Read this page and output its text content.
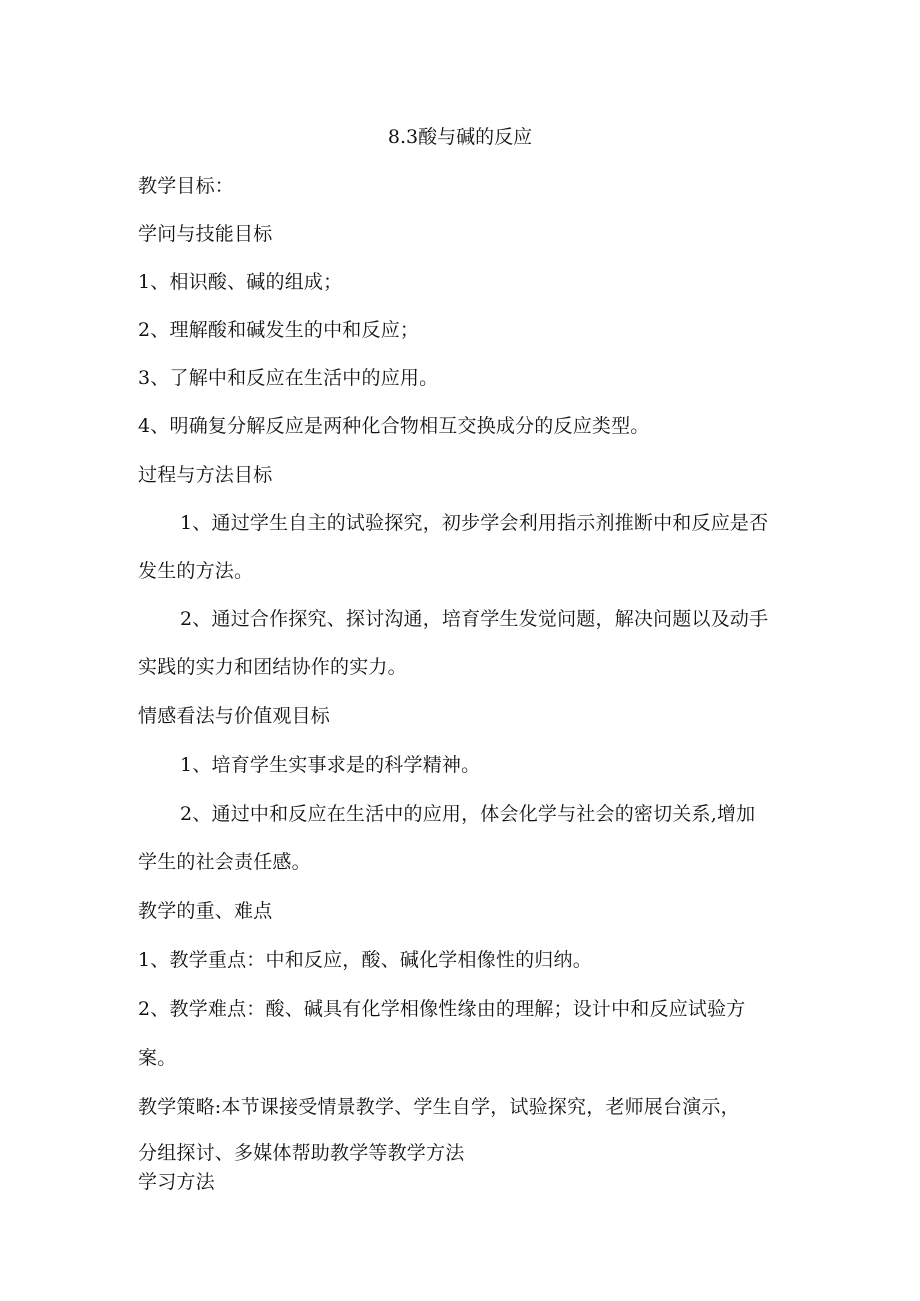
8.3酸与碱的反应
教学目标：
学问与技能目标
1、相识酸、碱的组成；
2、理解酸和碱发生的中和反应；
3、了解中和反应在生活中的应用。
4、明确复分解反应是两种化合物相互交换成分的反应类型。
过程与方法目标
1、通过学生自主的试验探究，初步学会利用指示剂推断中和反应是否
发生的方法。
2、通过合作探究、探讨沟通，培育学生发觉问题，解决问题以及动手
实践的实力和团结协作的实力。
情感看法与价值观目标
1、培育学生实事求是的科学精神。
2、通过中和反应在生活中的应用，体会化学与社会的密切关系,增加
学生的社会责任感。
教学的重、难点
1、教学重点：中和反应，酸、碱化学相像性的归纳。
2、教学难点：酸、碱具有化学相像性缘由的理解；设计中和反应试验方
案。
教学策略:本节课接受情景教学、学生自学，试验探究，老师展台演示，
分组探讨、多媒体帮助教学等教学方法
学习方法
